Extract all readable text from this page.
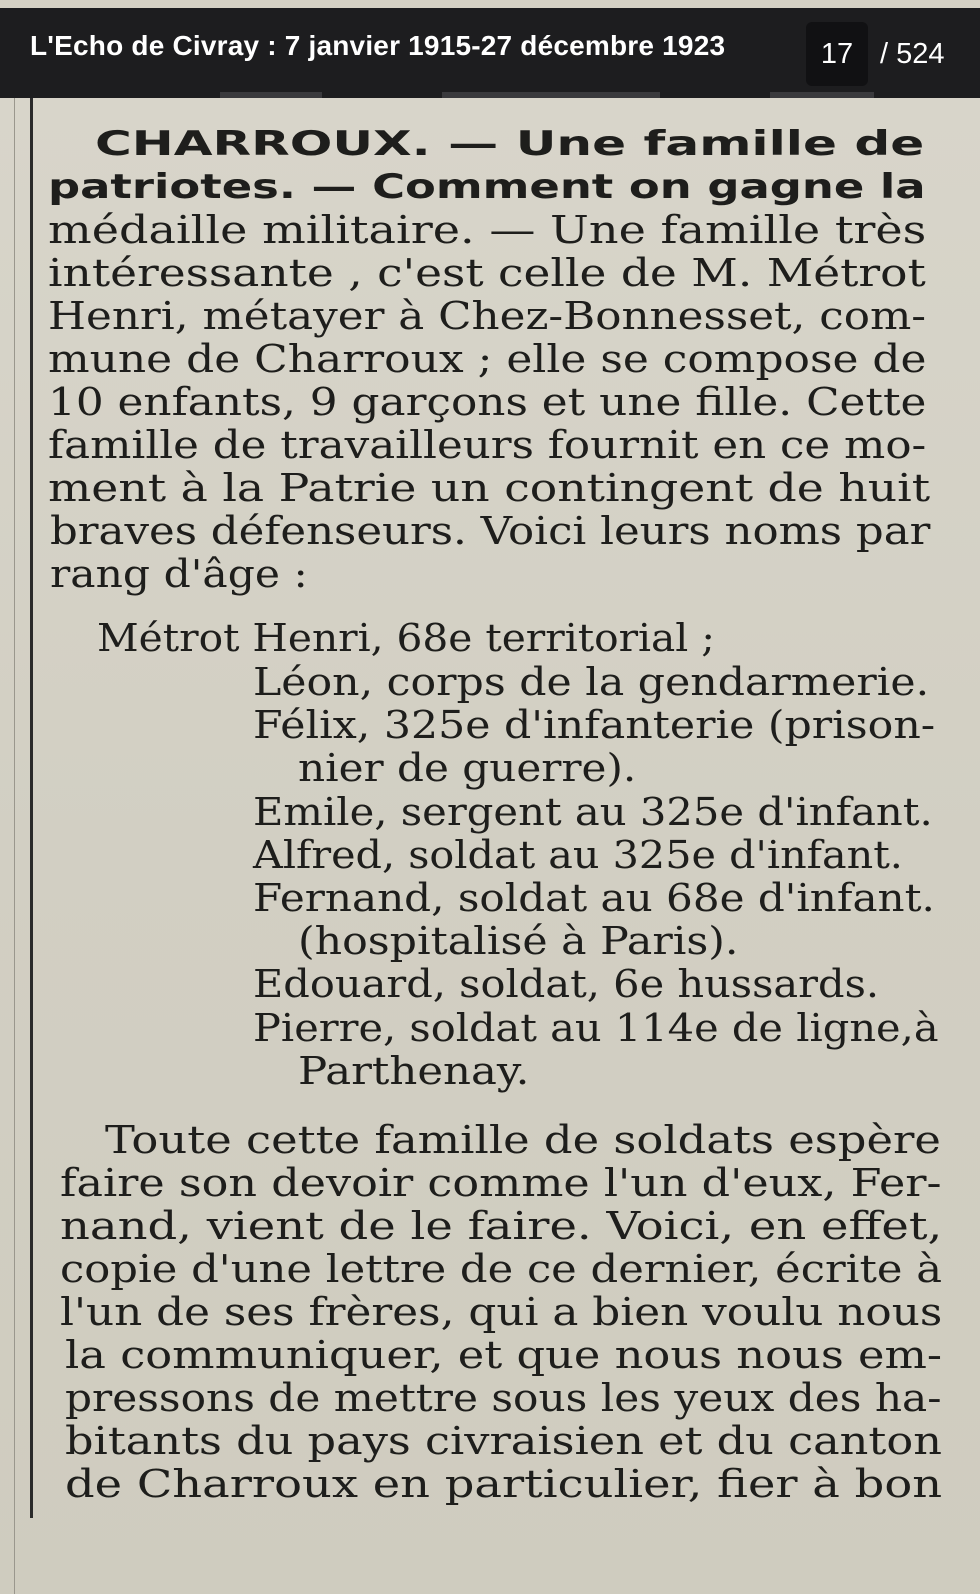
L'Echo de Civray : 7 janvier 1915-27 décembre 1923	17 / 524
CHARROUX. — Une famille de
patriotes. — Comment on gagne la
médaille militaire. — Une famille très
intéressante , c'est celle de M. Métrot
Henri, métayer à Chez-Bonnesset, com-
mune de Charroux ; elle se compose de
10 enfants, 9 garçons et une fille. Cette
famille de travailleurs fournit en ce mo-
ment à la Patrie un contingent de huit
braves défenseurs. Voici leurs noms par
rang d'âge :
Métrot Henri, 68e territorial ;
Léon, corps de la gendarmerie.
Félix, 325e d'infanterie (prison-
nier de guerre).
Emile, sergent au 325e d'infant.
Alfred, soldat au 325e d'infant.
Fernand, soldat au 68e d'infant.
(hospitalisé à Paris).
Edouard, soldat, 6e hussards.
Pierre, soldat au 114e de ligne,à
Parthenay.
Toute cette famille de soldats espère
faire son devoir comme l'un d'eux, Fer-
nand, vient de le faire. Voici, en effet,
copie d'une lettre de ce dernier, écrite à
l'un de ses frères, qui a bien voulu nous
la communiquer, et que nous nous em-
pressons de mettre sous les yeux des ha-
bitants du pays civraisien et du canton
de Charroux en particulier, fier à bon
